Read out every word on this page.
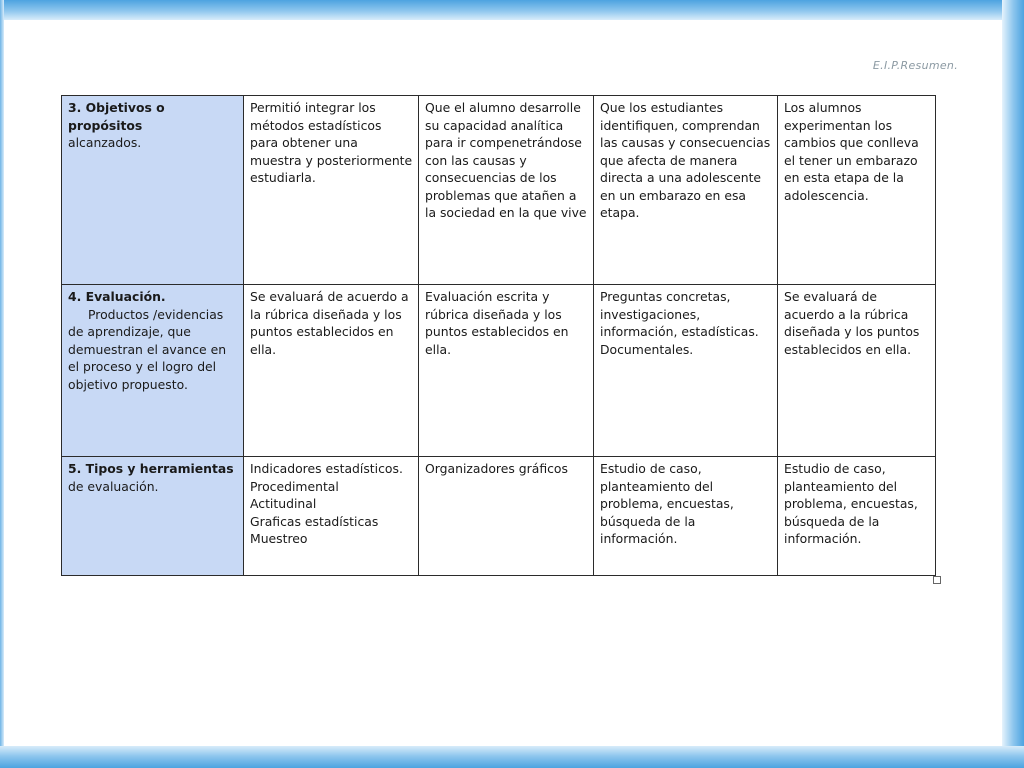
E.I.P.Resumen.
3. Objetivos o propósitos
alcanzados.	Permitió integrar los métodos estadísticos para obtener una muestra y posteriormente estudiarla.	Que el alumno desarrolle su capacidad analítica para ir compenetrándose con las causas y consecuencias de los problemas que atañen a la sociedad en la que vive	Que los estudiantes identifiquen, comprendan las causas y consecuencias que afecta de manera directa a una adolescente en un embarazo en esa etapa.	Los alumnos experimentan los cambios que conlleva el tener un embarazo en esta etapa de la adolescencia.

4. Evaluación.
Productos /evidencias de aprendizaje, que demuestran el avance en el proceso y el logro del objetivo propuesto.	Se evaluará de acuerdo a la rúbrica diseñada y los puntos establecidos en ella.	Evaluación escrita y rúbrica diseñada y los puntos establecidos en ella.	Preguntas concretas, investigaciones, información, estadísticas. Documentales.	Se evaluará de acuerdo a la rúbrica diseñada y los puntos establecidos en ella.

5. Tipos y herramientas
de evaluación.	Indicadores estadísticos.
Procedimental
Actitudinal
Graficas estadísticas
Muestreo	Organizadores gráficos	Estudio de caso, planteamiento del problema, encuestas, búsqueda de la información.	Estudio de caso, planteamiento del problema, encuestas, búsqueda de la información.
